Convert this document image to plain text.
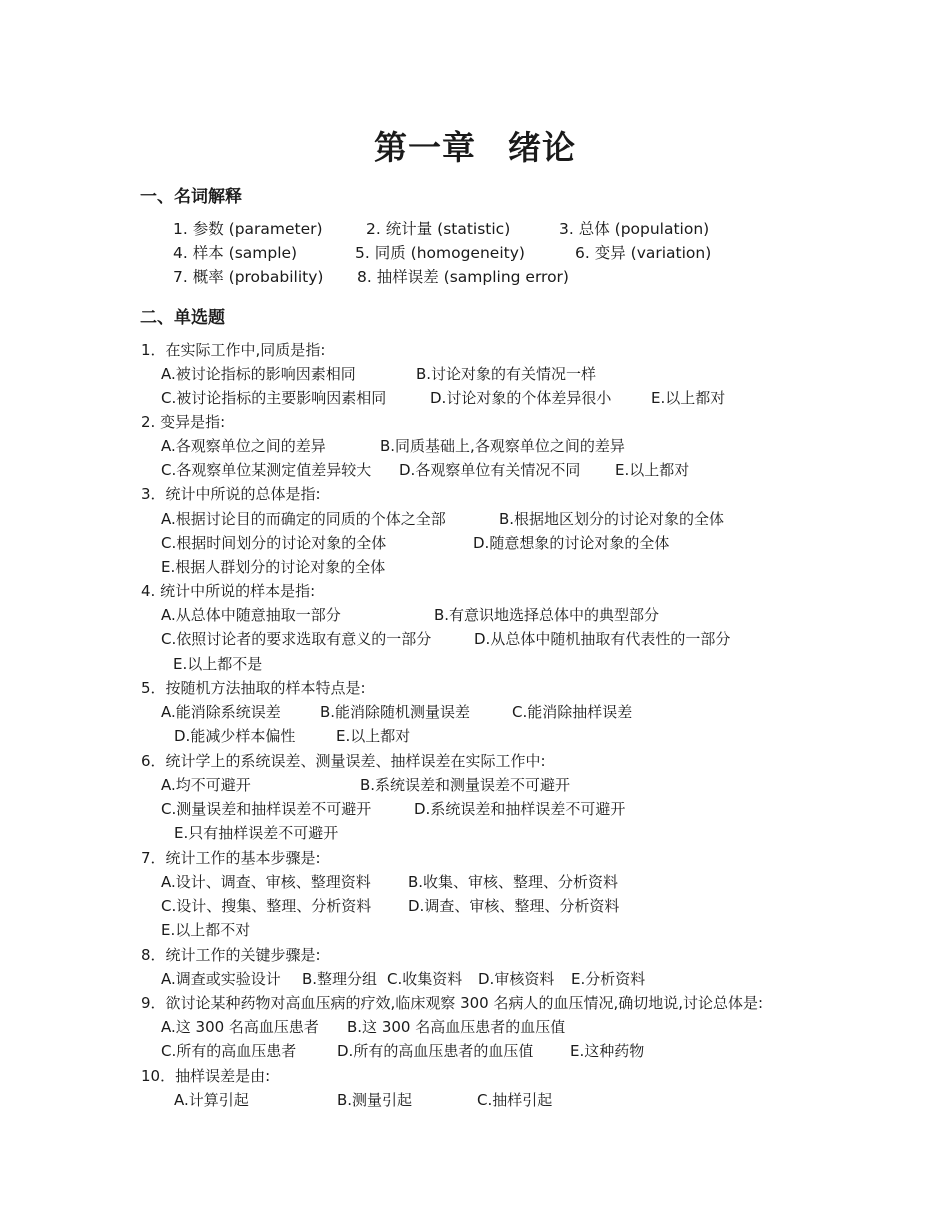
第一章 绪论
一、名词解释
1. 参数 (parameter)	2. 统计量 (statistic)	3. 总体 (population)
4. 样本 (sample)	5. 同质 (homogeneity)	6. 变异 (variation)
7. 概率 (probability) 8. 抽样误差 (sampling error)
二、单选题
1．在实际工作中,同质是指:
A.被讨论指标的影响因素相同	B.讨论对象的有关情况一样
C.被讨论指标的主要影响因素相同	D.讨论对象的个体差异很小	E.以上都对
2. 变异是指:
A.各观察单位之间的差异	B.同质基础上,各观察单位之间的差异
C.各观察单位某测定值差异较大 D.各观察单位有关情况不同 E.以上都对
3．统计中所说的总体是指:
A.根据讨论目的而确定的同质的个体之全部	B.根据地区划分的讨论对象的全体
C.根据时间划分的讨论对象的全体	D.随意想象的讨论对象的全体
E.根据人群划分的讨论对象的全体
4. 统计中所说的样本是指:
A.从总体中随意抽取一部分	B.有意识地选择总体中的典型部分
C.依照讨论者的要求选取有意义的一部分	D.从总体中随机抽取有代表性的一部分
E.以上都不是
5．按随机方法抽取的样本特点是:
A.能消除系统误差	B.能消除随机测量误差	C.能消除抽样误差
D.能减少样本偏性	E.以上都对
6．统计学上的系统误差、测量误差、抽样误差在实际工作中:
A.均不可避开	B.系统误差和测量误差不可避开
C.测量误差和抽样误差不可避开	D.系统误差和抽样误差不可避开
E.只有抽样误差不可避开
7．统计工作的基本步骤是:
A.设计、调查、审核、整理资料 B.收集、审核、整理、分析资料
C.设计、搜集、整理、分析资料 D.调查、审核、整理、分析资料
E.以上都不对
8．统计工作的关键步骤是:
A.调查或实验设计 B.整理分组 C.收集资料 D.审核资料 E.分析资料
9．欲讨论某种药物对高血压病的疗效,临床观察 300 名病人的血压情况,确切地说,讨论总体是:
A.这 300 名高血压患者 B.这 300 名高血压患者的血压值
C.所有的高血压患者	D.所有的高血压患者的血压值 E.这种药物
10．抽样误差是由:
A.计算引起	B.测量引起	C.抽样引起
